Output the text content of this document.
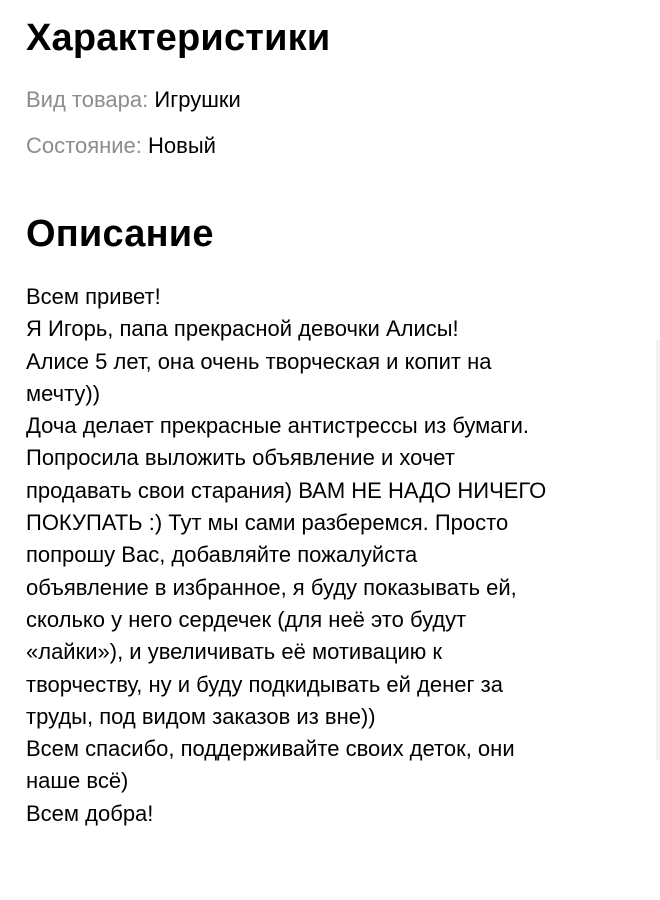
Характеристики
Вид товара: Игрушки
Состояние: Новый
Описание
Всем привет!
Я Игорь, папа прекрасной девочки Алисы!
Алисе 5 лет, она очень творческая и копит на
мечту))
Доча делает прекрасные антистрессы из бумаги.
Попросила выложить объявление и хочет
продавать свои старания) ВАМ НЕ НАДО НИЧЕГО
ПОКУПАТЬ :) Тут мы сами разберемся. Просто
попрошу Вас, добавляйте пожалуйста
объявление в избранное, я буду показывать ей,
сколько у него сердечек (для неё это будут
«лайки»), и увеличивать её мотивацию к
творчеству, ну и буду подкидывать ей денег за
труды, под видом заказов из вне))
Всем спасибо, поддерживайте своих деток, они
наше всё)
Всем добра!
